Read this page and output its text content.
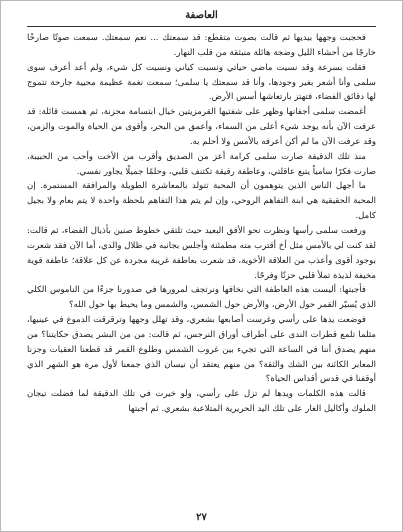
العاصفة

فحجبت وجهها بيديها ثم قالت بصوت متقطع: قد سمعتك ... نعم سمعتك. سمعت صوتًا صارخًا خارجًا من أحشاء الليل وضجة هائلة منبثقة من قلب النهار.

فقلت بسرعة وقد نسيت ماضي حياتي ونسيت كياني ونسيت كل شيء، ولم أعد أعرف سوى سلمى وأنا أشعر بغير وجودها، وأنا قد سمعتك يا سلمى؛ سمعت نغمة عظيمة محيية جارحة تتموج لها دقائق الفضاء، فتهتز بارتعاشها أسس الأرض.

أغمضت سلمى أجفانها وظهر على شفتيها القرمزيتين خيال ابتسامة محزنة، ثم همست قائلة: قد عرفت الآن بأنه يوجد شيء أعلى من السماء، وأعمق من البحر، وأقوى من الحياة والموت والزمن، وقد عرفت الآن ما لم أكن أعرفه بالأمس ولا أحلم به.

منذ تلك الدقيقة صارت سلمى كرامة أعز من الصديق وأقرب من الأخت وأحب من الحبيبة، صارت فكرًا سامياً يتبع عاقلتي، وعاطفة رقيقة تكتنف قلبي، وحلمًا جميلًا يجاور نفسي.

ما أجهل الناس الذين يتوهمون أن المحبة تتولد بالمعاشرة الطويلة والمرافقة المستمرة. إن المحبة الحقيقية هي ابنة التفاهم الروحي، وإن لم يتم هذا التفاهم بلحظة واحدة لا يتم بعام ولا بجيل كامل.

ورفعت سلمى رأسها ونظرت نحو الأفق البعيد حيث تلتقي خطوط صنين بأذيال الفضاء، ثم قالت: لقد كنت لي بالأمس مثل أخ أقترب منه مطمئنة وأجلس بجانبه في ظلال والدي، أما الآن فقد شعرت بوجود أقوى وأعذب من العلاقة الأخوية، قد شعرت بعاطفة غريبة مجردة عن كل علاقة؛ عاطفة قوية مخيفة لذيذة تملأ قلبي حزنًا وفرحًا.

فأجبتها: أليست هذه العاطفة التي نخافها ونرتجف لمرورها في صدورنا جزءًا من الناموس الكلي الذي يُسيّر القمر حول الأرض، والأرض حول الشمس، والشمس وما يحيط بها حول الله؟

فوضعت يدها على رأسي وغرست أصابعها بشعري، وقد تهلل وجهها وترقرقت الدموع في عينيها، مثلما تلمع قطرات الندى على أطراف أوراق النرجس، ثم قالت: من من البشر يصدق حكايتنا؟ من منهم يصدق أننا في الساعة التي تجيء بين غروب الشمس وطلوع القمر قد قطعنا العقبات وجزنا المعابر الكائنة بين الشك والثقة؟ من منهم يعتقد أن نيسان الذي جمعنا لأول مرة هو الشهر الذي أوقفنا في قدس أقداس الحياة؟

قالت هذه الكلمات ويدها لم تزل على رأسي، ولو خيرت في تلك الدقيقة لما فضلت تيجان الملوك وأكاليل الغار على تلك اليد الحريرية المتلاعبة بشعري. ثم أجبتها

٢٧
